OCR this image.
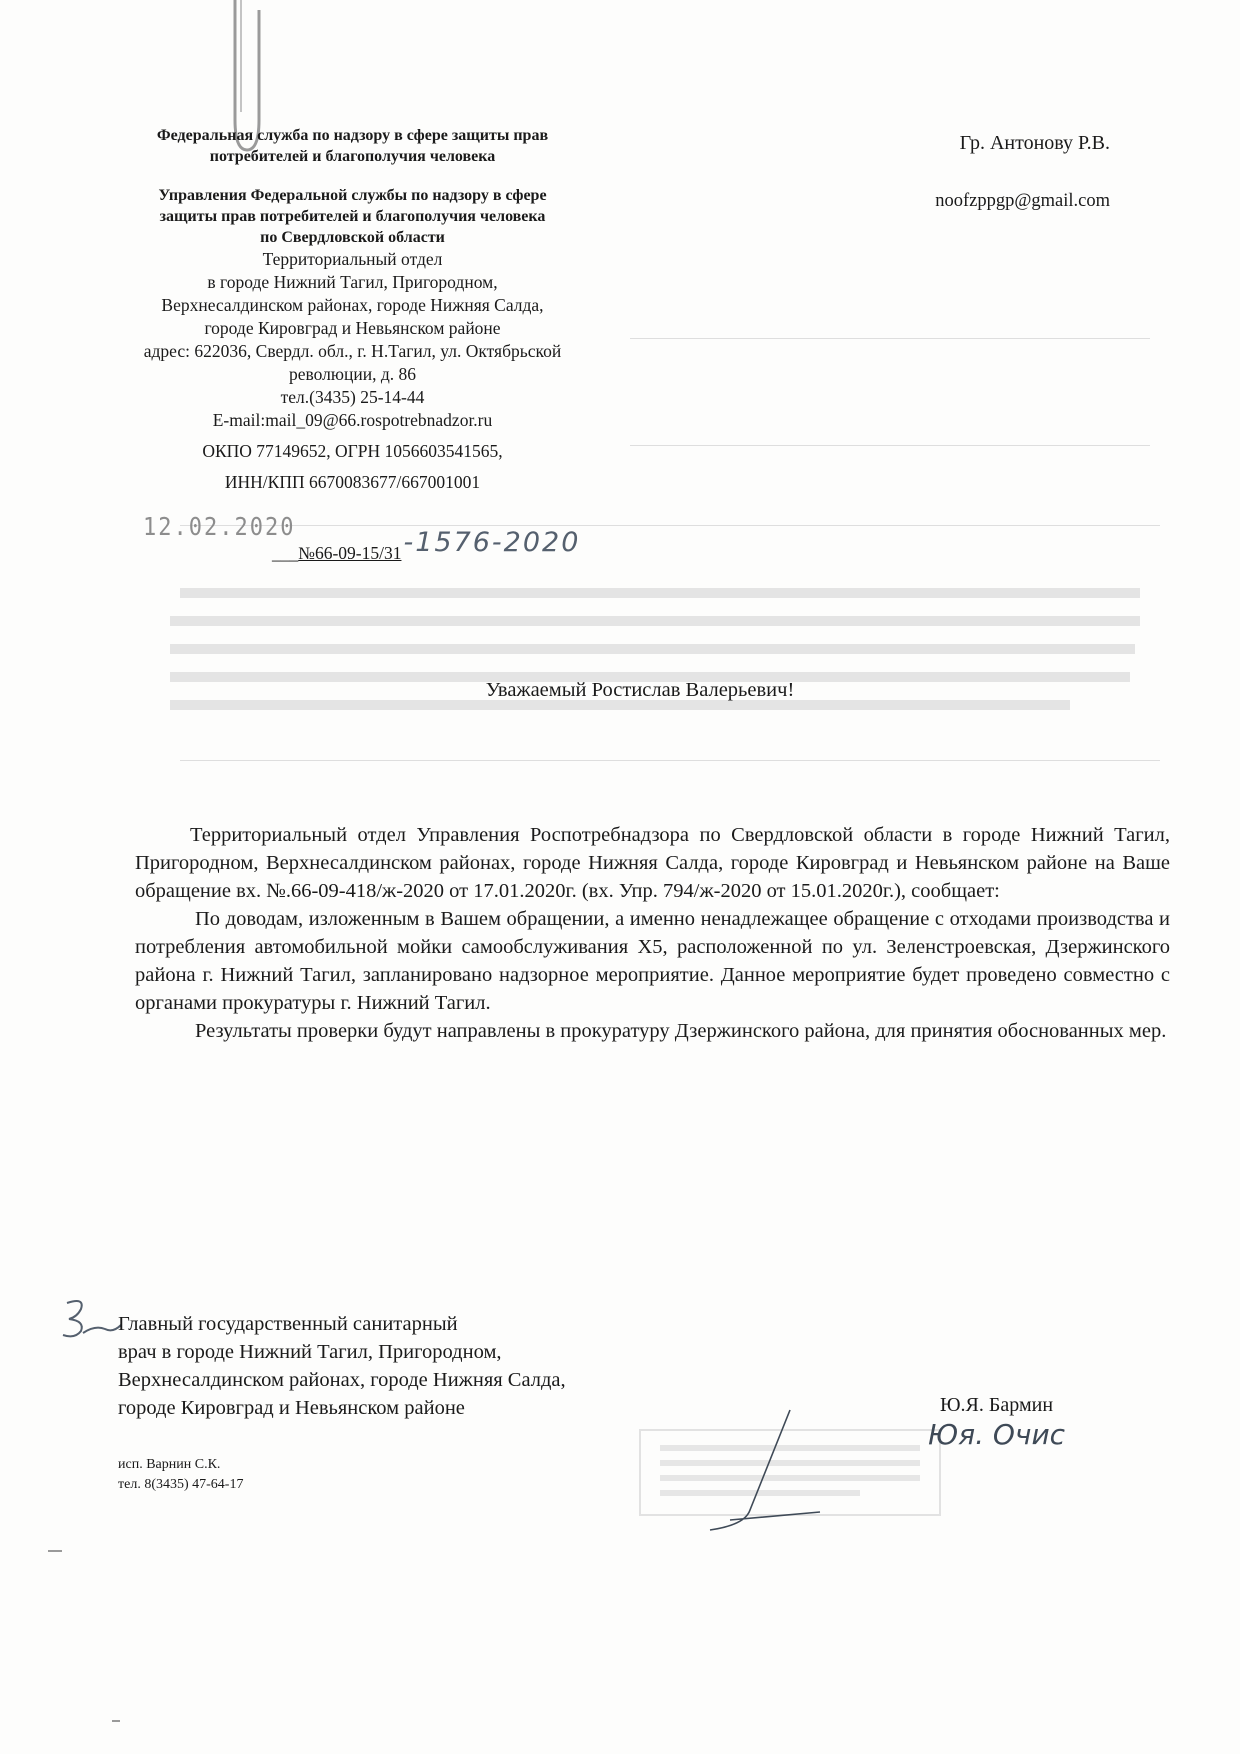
Федеральная служба по надзору в сфере защиты прав
потребителей и благополучия человека
Управления Федеральной службы по надзору в сфере
защиты прав потребителей и благополучия человека
по Свердловской области
Территориальный отдел
в городе Нижний Тагил, Пригородном,
Верхнесалдинском районах, городе Нижняя Салда,
городе Кировград и Невьянском районе
адрес: 622036, Свердл. обл., г. Н.Тагил, ул. Октябрьской
революции, д. 86
тел.(3435) 25-14-44
E-mail:mail_09@66.rospotrebnadzor.ru
ОКПО 77149652, ОГРН 1056603541565,
ИНН/КПП 6670083677/667001001
Гр. Антонову Р.В.
noofzppgp@gmail.com
12.02.2020
___№66-09-15/31-1576-2020
Уважаемый Ростислав Валерьевич!

Территориальный отдел Управления Роспотребнадзора по Свердловской области в городе Нижний Тагил, Пригородном, Верхнесалдинском районах, городе Нижняя Салда, городе Кировград и Невьянском районе на Ваше обращение вх. №.66-09-418/ж-2020 от 17.01.2020г. (вх. Упр. 794/ж-2020 от 15.01.2020г.), сообщает:

По доводам, изложенным в Вашем обращении, а именно ненадлежащее обращение с отходами производства и потребления автомобильной мойки самообслуживания X5, расположенной по ул. Зеленстроевская, Дзержинского района г. Нижний Тагил, запланировано надзорное мероприятие. Данное мероприятие будет проведено совместно с органами прокуратуры г. Нижний Тагил.

Результаты проверки будут направлены в прокуратуру Дзержинского района, для принятия обоснованных мер.

Главный государственный санитарный
врач в городе Нижний Тагил, Пригородном,
Верхнесалдинском районах, городе Нижняя Салда,
городе Кировград и Невьянском районе	Ю.Я. Бармин
Юя. Очис
исп. Варнин С.К.
тел. 8(3435) 47-64-17
